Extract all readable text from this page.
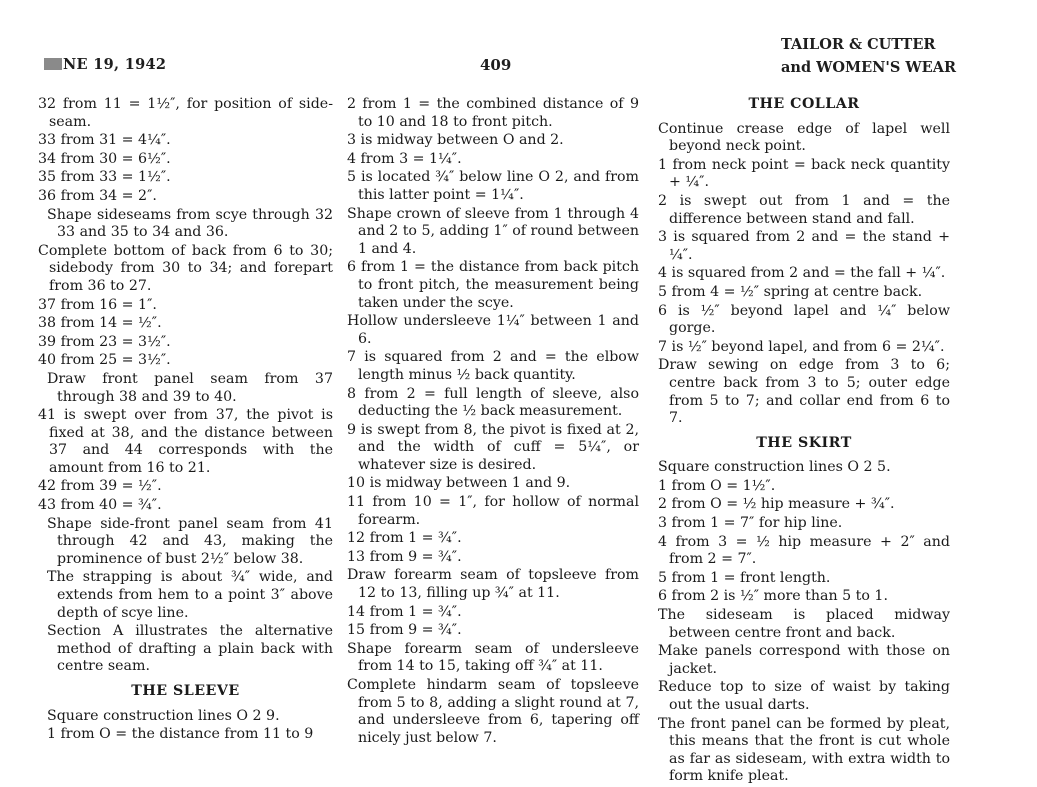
NE 19, 1942	409
TAILOR & CUTTER
and WOMEN'S WEAR

32 from 11 = 1½″, for position of side-seam.

33 from 31 = 4¼″.

34 from 30 = 6½″.

35 from 33 = 1½″.

36 from 34 = 2″.

Shape sideseams from scye through 32 33 and 35 to 34 and 36.

Complete bottom of back from 6 to 30; sidebody from 30 to 34; and forepart from 36 to 27.

37 from 16 = 1″.

38 from 14 = ½″.

39 from 23 = 3½″.

40 from 25 = 3½″.

Draw front panel seam from 37 through 38 and 39 to 40.

41 is swept over from 37, the pivot is fixed at 38, and the distance between 37 and 44 corresponds with the amount from 16 to 21.

42 from 39 = ½″.

43 from 40 = ¾″.

Shape side-front panel seam from 41 through 42 and 43, making the prominence of bust 2½″ below 38.

The strapping is about ¾″ wide, and extends from hem to a point 3″ above depth of scye line.

Section A illustrates the alternative method of drafting a plain back with centre seam.

THE SLEEVE

Square construction lines O 2 9.

1 from O = the distance from 11 to 9

2 from 1 = the combined distance of 9 to 10 and 18 to front pitch.

3 is midway between O and 2.

4 from 3 = 1¼″.

5 is located ¾″ below line O 2, and from this latter point = 1¼″.

Shape crown of sleeve from 1 through 4 and 2 to 5, adding 1″ of round between 1 and 4.

6 from 1 = the distance from back pitch to front pitch, the measurement being taken under the scye.

Hollow undersleeve 1¼″ between 1 and 6.

7 is squared from 2 and = the elbow length minus ½ back quantity.

8 from 2 = full length of sleeve, also deducting the ½ back measurement.

9 is swept from 8, the pivot is fixed at 2, and the width of cuff = 5¼″, or whatever size is desired.

10 is midway between 1 and 9.

11 from 10 = 1″, for hollow of normal forearm.

12 from 1 = ¾″.

13 from 9 = ¾″.

Draw forearm seam of topsleeve from 12 to 13, filling up ¾″ at 11.

14 from 1 = ¾″.

15 from 9 = ¾″.

Shape forearm seam of undersleeve from 14 to 15, taking off ¾″ at 11.

Complete hindarm seam of topsleeve from 5 to 8, adding a slight round at 7, and undersleeve from 6, tapering off nicely just below 7.

THE COLLAR

Continue crease edge of lapel well beyond neck point.

1 from neck point = back neck quantity + ¼″.

2 is swept out from 1 and = the difference between stand and fall.

3 is squared from 2 and = the stand + ¼″.

4 is squared from 2 and = the fall + ¼″.

5 from 4 = ½″ spring at centre back.

6 is ½″ beyond lapel and ¼″ below gorge.

7 is ½″ beyond lapel, and from 6 = 2¼″.

Draw sewing on edge from 3 to 6; centre back from 3 to 5; outer edge from 5 to 7; and collar end from 6 to 7.

THE SKIRT

Square construction lines O 2 5.

1 from O = 1½″.

2 from O = ½ hip measure + ¾″.

3 from 1 = 7″ for hip line.

4 from 3 = ½ hip measure + 2″ and from 2 = 7″.

5 from 1 = front length.

6 from 2 is ½″ more than 5 to 1.

The sideseam is placed midway between centre front and back.

Make panels correspond with those on jacket.

Reduce top to size of waist by taking out the usual darts.

The front panel can be formed by pleat, this means that the front is cut whole as far as sideseam, with extra width to form knife pleat.
